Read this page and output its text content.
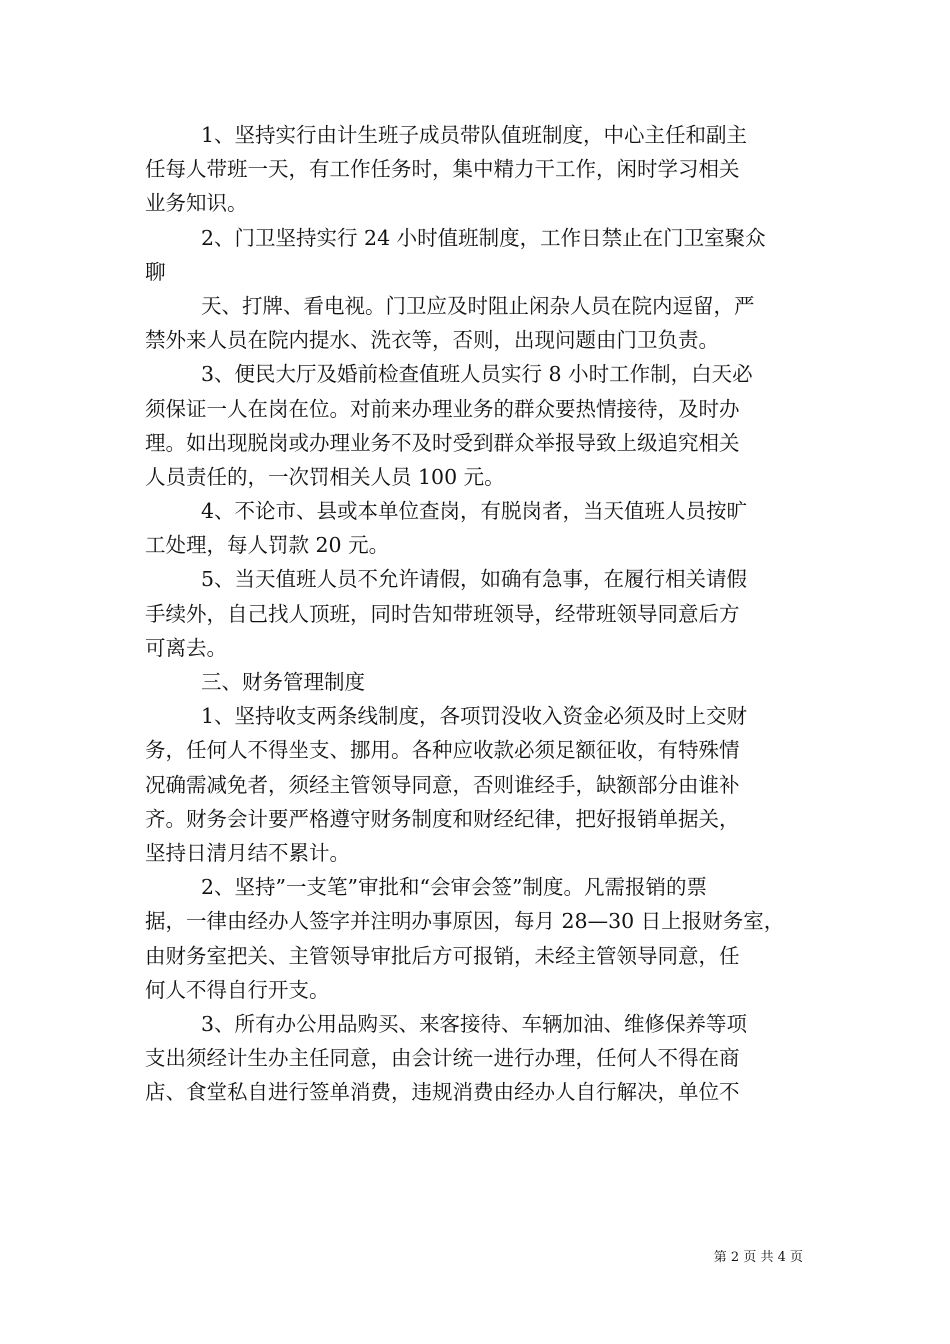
1、坚持实行由计生班子成员带队值班制度，中心主任和副主
任每人带班一天，有工作任务时，集中精力干工作，闲时学习相关
业务知识。
2、门卫坚持实行 24 小时值班制度，工作日禁止在门卫室聚众
聊
天、打牌、看电视。门卫应及时阻止闲杂人员在院内逗留，严
禁外来人员在院内提水、洗衣等，否则，出现问题由门卫负责。
3、便民大厅及婚前检查值班人员实行 8 小时工作制，白天必
须保证一人在岗在位。对前来办理业务的群众要热情接待，及时办
理。如出现脱岗或办理业务不及时受到群众举报导致上级追究相关
人员责任的，一次罚相关人员 100 元。
4、不论市、县或本单位查岗，有脱岗者，当天值班人员按旷
工处理，每人罚款 20 元。
5、当天值班人员不允许请假，如确有急事，在履行相关请假
手续外，自己找人顶班，同时告知带班领导，经带班领导同意后方
可离去。
三、财务管理制度
1、坚持收支两条线制度，各项罚没收入资金必须及时上交财
务，任何人不得坐支、挪用。各种应收款必须足额征收，有特殊情
况确需减免者，须经主管领导同意，否则谁经手，缺额部分由谁补
齐。财务会计要严格遵守财务制度和财经纪律，把好报销单据关，
坚持日清月结不累计。
2、坚持”一支笔”审批和“会审会签”制度。凡需报销的票
据，一律由经办人签字并注明办事原因，每月 28—30 日上报财务室，
由财务室把关、主管领导审批后方可报销，未经主管领导同意，任
何人不得自行开支。
3、所有办公用品购买、来客接待、车辆加油、维修保养等项
支出须经计生办主任同意，由会计统一进行办理，任何人不得在商
店、食堂私自进行签单消费，违规消费由经办人自行解决，单位不
第 2 页 共 4 页
